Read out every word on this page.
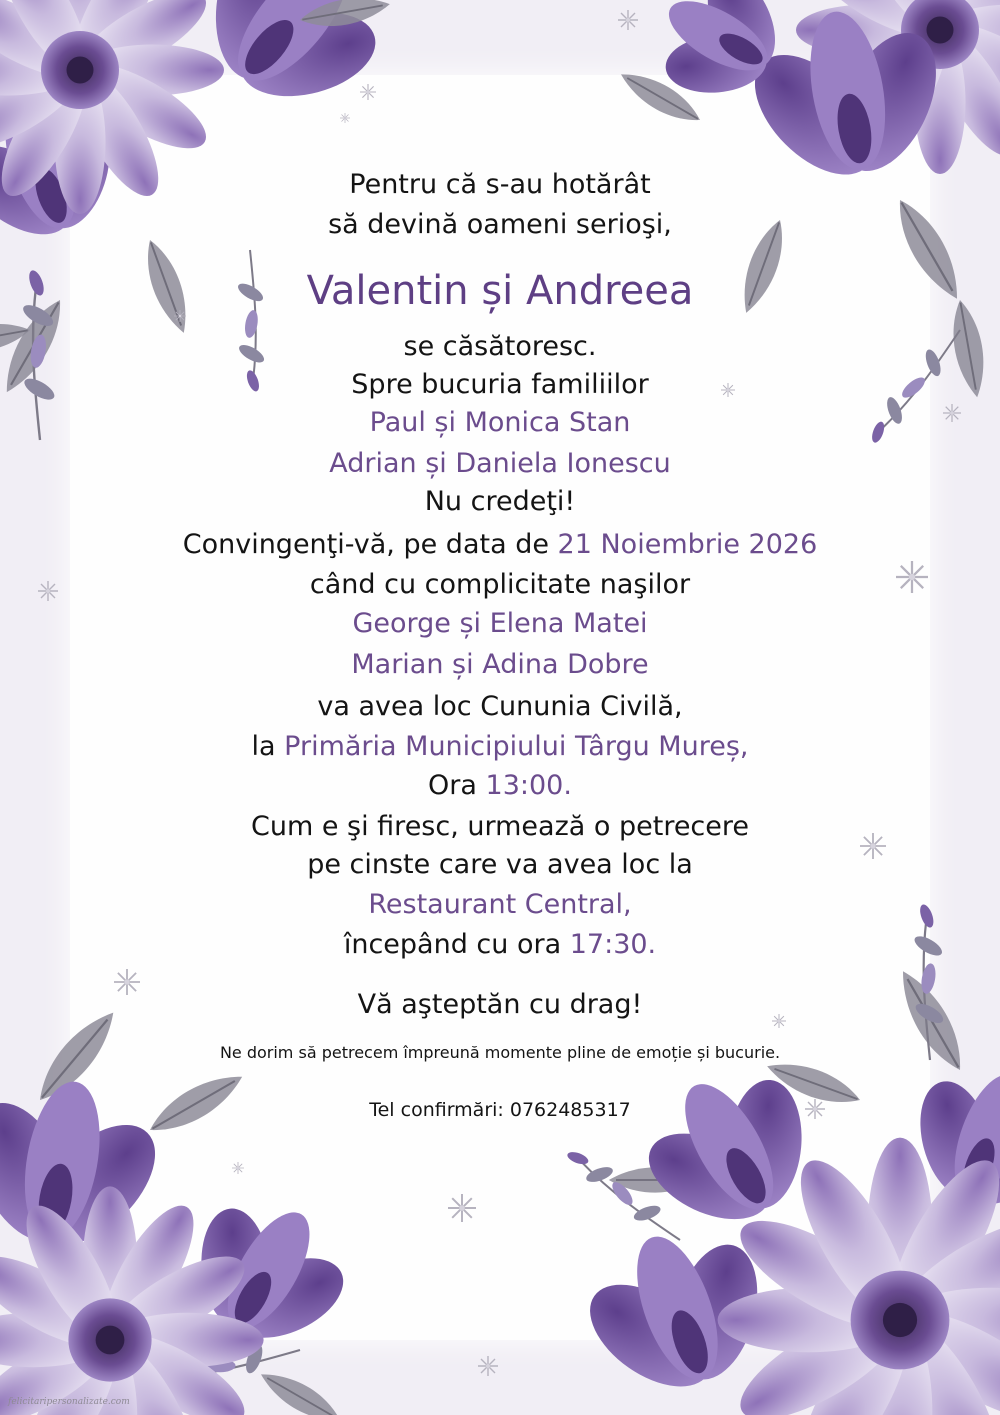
Pentru că s-au hotărât
să devină oameni serioşi,
Valentin și Andreea
se căsătoresc.
Spre bucuria familiilor
Paul și Monica Stan
Adrian și Daniela Ionescu
Nu credeţi!
Convingenţi-vă, pe data de 21 Noiembrie 2026
când cu complicitate naşilor
George și Elena Matei
Marian și Adina Dobre
va avea loc Cununia Civilă,
la Primăria Municipiului Târgu Mureș,
Ora 13:00.
Cum e şi firesc, urmează o petrecere
pe cinste care va avea loc la
Restaurant Central,
începând cu ora 17:30.
Vă aşteptăn cu drag!
Ne dorim să petrecem împreună momente pline de emoție și bucurie.
Tel confirmări: 0762485317
felicitaripersonalizate.com
